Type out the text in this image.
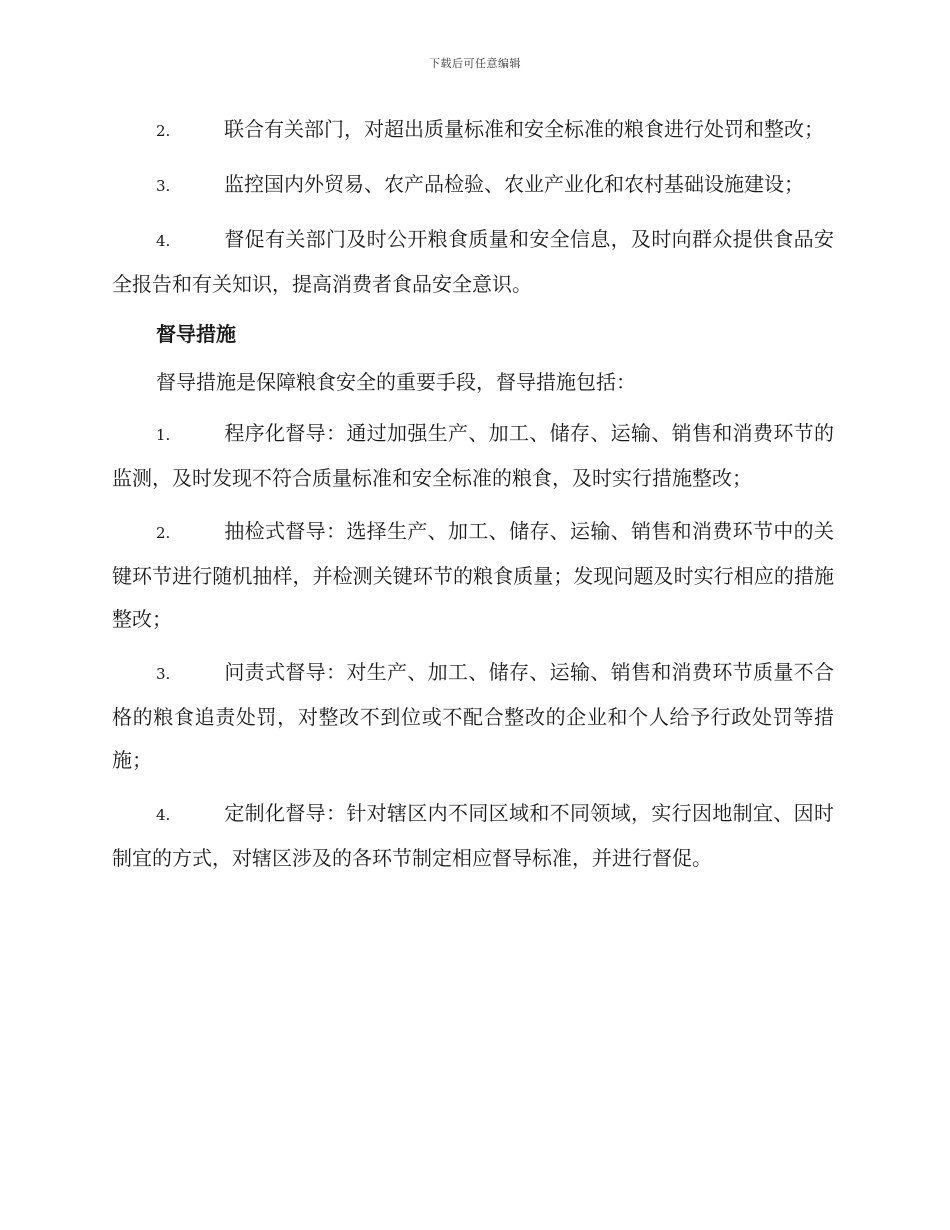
下载后可任意编辑

2.	联合有关部门，对超出质量标准和安全标准的粮食进行处罚和整改；

3.	监控国内外贸易、农产品检验、农业产业化和农村基础设施建设；

4.	督促有关部门及时公开粮食质量和安全信息，及时向群众提供食品安全报告和有关知识，提高消费者食品安全意识。

督导措施

督导措施是保障粮食安全的重要手段，督导措施包括：

1.	程序化督导：通过加强生产、加工、储存、运输、销售和消费环节的监测，及时发现不符合质量标准和安全标准的粮食，及时实行措施整改；

2.	抽检式督导：选择生产、加工、储存、运输、销售和消费环节中的关键环节进行随机抽样，并检测关键环节的粮食质量；发现问题及时实行相应的措施整改；

3.	问责式督导：对生产、加工、储存、运输、销售和消费环节质量不合格的粮食追责处罚，对整改不到位或不配合整改的企业和个人给予行政处罚等措施；

4.	定制化督导：针对辖区内不同区域和不同领域，实行因地制宜、因时制宜的方式，对辖区涉及的各环节制定相应督导标准，并进行督促。
